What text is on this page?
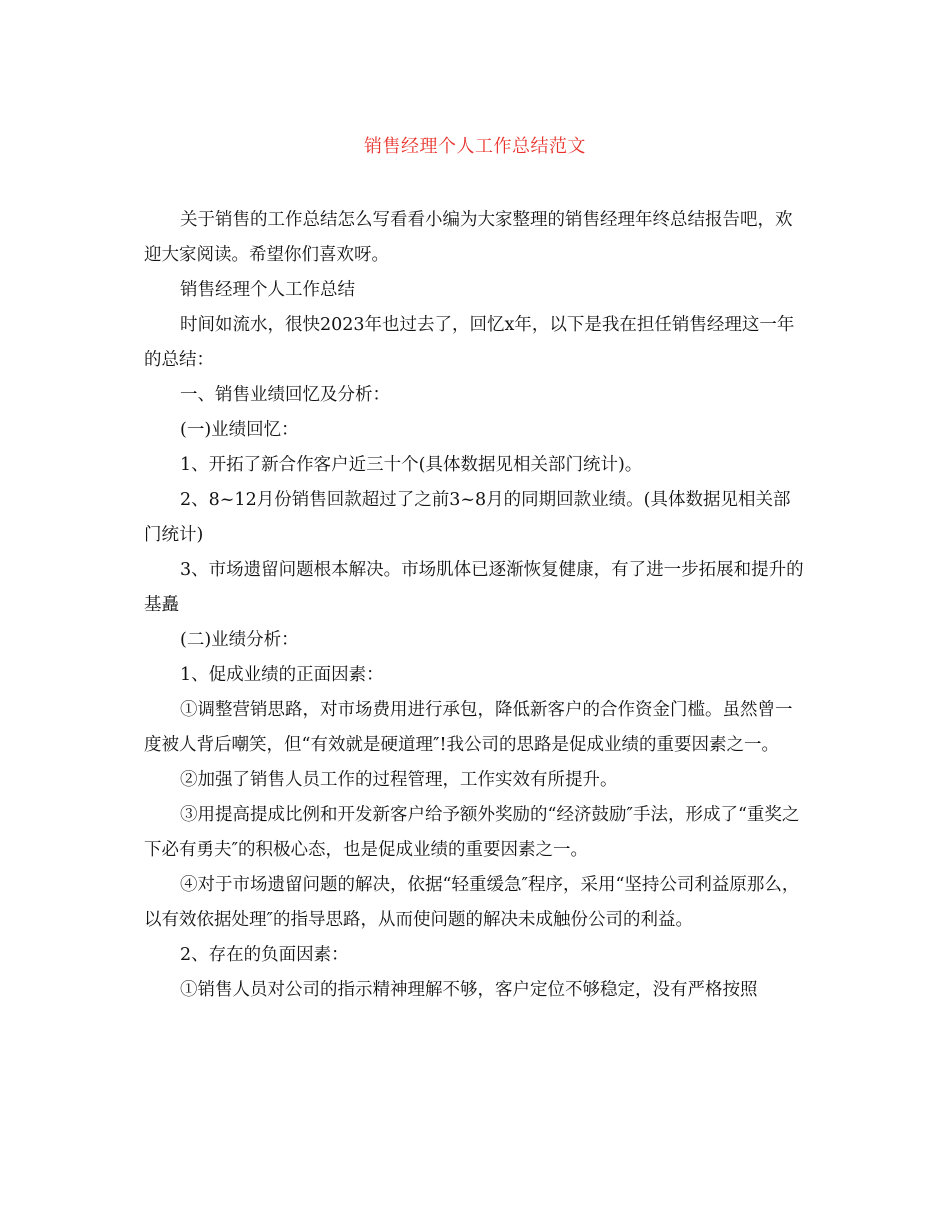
销售经理个人工作总结范文

关于销售的工作总结怎么写看看小编为大家整理的销售经理年终总结报告吧，欢迎大家阅读。希望你们喜欢呀。

销售经理个人工作总结

时间如流水，很快2023年也过去了，回忆x年，以下是我在担任销售经理这一年的总结：

一、销售业绩回忆及分析：

(一)业绩回忆：

1、开拓了新合作客户近三十个(具体数据见相关部门统计)。

2、8~12月份销售回款超过了之前3~8月的同期回款业绩。(具体数据见相关部门统计)

3、市场遗留问题根本解决。市场肌体已逐渐恢复健康，有了进一步拓展和提升的基矗

(二)业绩分析：

1、促成业绩的正面因素：

①调整营销思路，对市场费用进行承包，降低新客户的合作资金门槛。虽然曾一度被人背后嘲笑，但“有效就是硬道理″!我公司的思路是促成业绩的重要因素之一。

②加强了销售人员工作的过程管理，工作实效有所提升。

③用提高提成比例和开发新客户给予额外奖励的“经济鼓励″手法，形成了“重奖之下必有勇夫″的积极心态，也是促成业绩的重要因素之一。

④对于市场遗留问题的解决，依据“轻重缓急″程序，采用“坚持公司利益原那么，以有效依据处理″的指导思路，从而使问题的解决未成触份公司的利益。

2、存在的负面因素：

①销售人员对公司的指示精神理解不够，客户定位不够稳定，没有严格按照
